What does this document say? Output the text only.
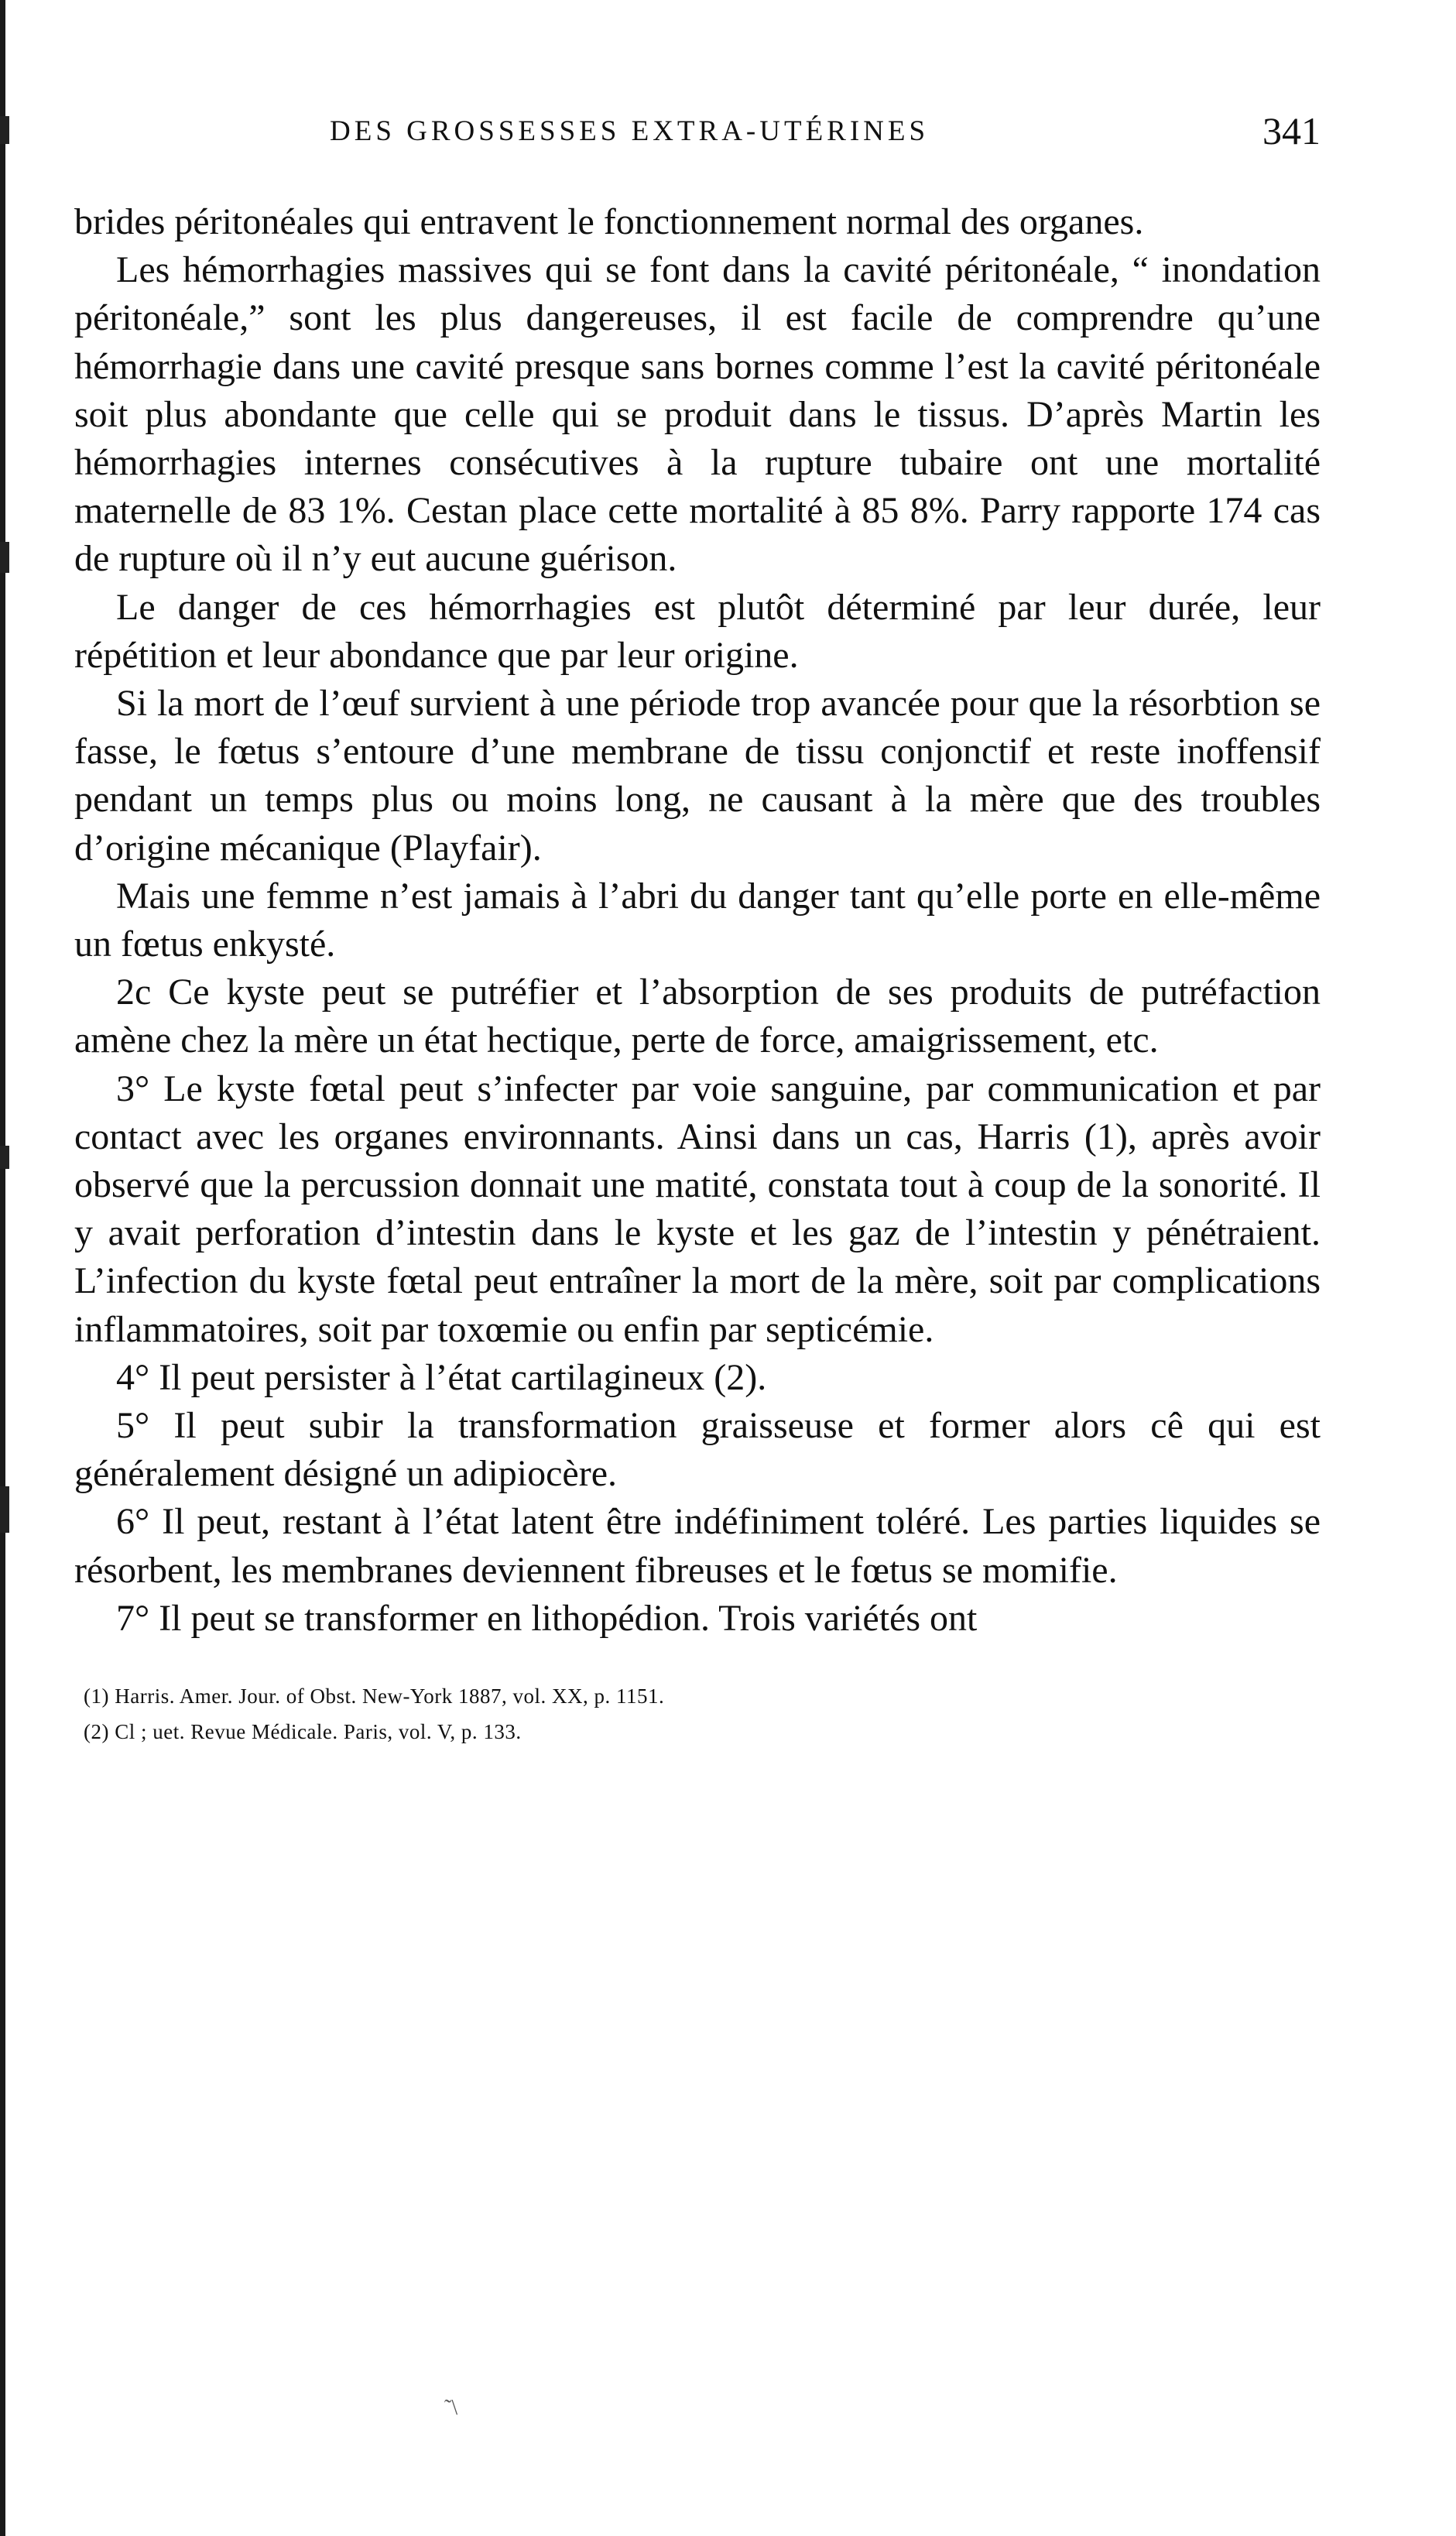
DES GROSSESSES EXTRA-UTÉRINES	341

brides péritonéales qui entravent le fonctionnement normal des organes.

Les hémorrhagies massives qui se font dans la cavité péritonéale, “ inondation péritonéale,” sont les plus dangereuses, il est facile de comprendre qu’une hémorrhagie dans une cavité presque sans bornes comme l’est la cavité péritonéale soit plus abondante que celle qui se produit dans le tissus. D’après Martin les hémorrhagies internes consécutives à la rupture tubaire ont une mortalité maternelle de 83 1%. Cestan place cette mortalité à 85 8%. Parry rapporte 174 cas de rupture où il n’y eut aucune guérison.

Le danger de ces hémorrhagies est plutôt déterminé par leur durée, leur répétition et leur abondance que par leur origine.

Si la mort de l’œuf survient à une période trop avancée pour que la résorbtion se fasse, le fœtus s’entoure d’une membrane de tissu conjonctif et reste inoffensif pendant un temps plus ou moins long, ne causant à la mère que des troubles d’origine mécanique (Playfair).

Mais une femme n’est jamais à l’abri du danger tant qu’elle porte en elle-même un fœtus enkysté.

2c Ce kyste peut se putréfier et l’absorption de ses produits de putréfaction amène chez la mère un état hectique, perte de force, amaigrissement, etc.

3° Le kyste fœtal peut s’infecter par voie sanguine, par communication et par contact avec les organes environnants. Ainsi dans un cas, Harris (1), après avoir observé que la percussion donnait une matité, constata tout à coup de la sonorité. Il y avait perforation d’intestin dans le kyste et les gaz de l’intestin y pénétraient. L’infection du kyste fœtal peut entraîner la mort de la mère, soit par complications inflammatoires, soit par toxœmie ou enfin par septicémie.

4° Il peut persister à l’état cartilagineux (2).

5° Il peut subir la transformation graisseuse et former alors cê qui est généralement désigné un adipiocère.

6° Il peut, restant à l’état latent être indéfiniment toléré. Les parties liquides se résorbent, les membranes deviennent fibreuses et le fœtus se momifie.

7° Il peut se transformer en lithopédion. Trois variétés ont

(1) Harris. Amer. Jour. of Obst. New-York 1887, vol. XX, p. 1151.

(2) Cl ; uet. Revue Médicale. Paris, vol. V, p. 133.

˜\
